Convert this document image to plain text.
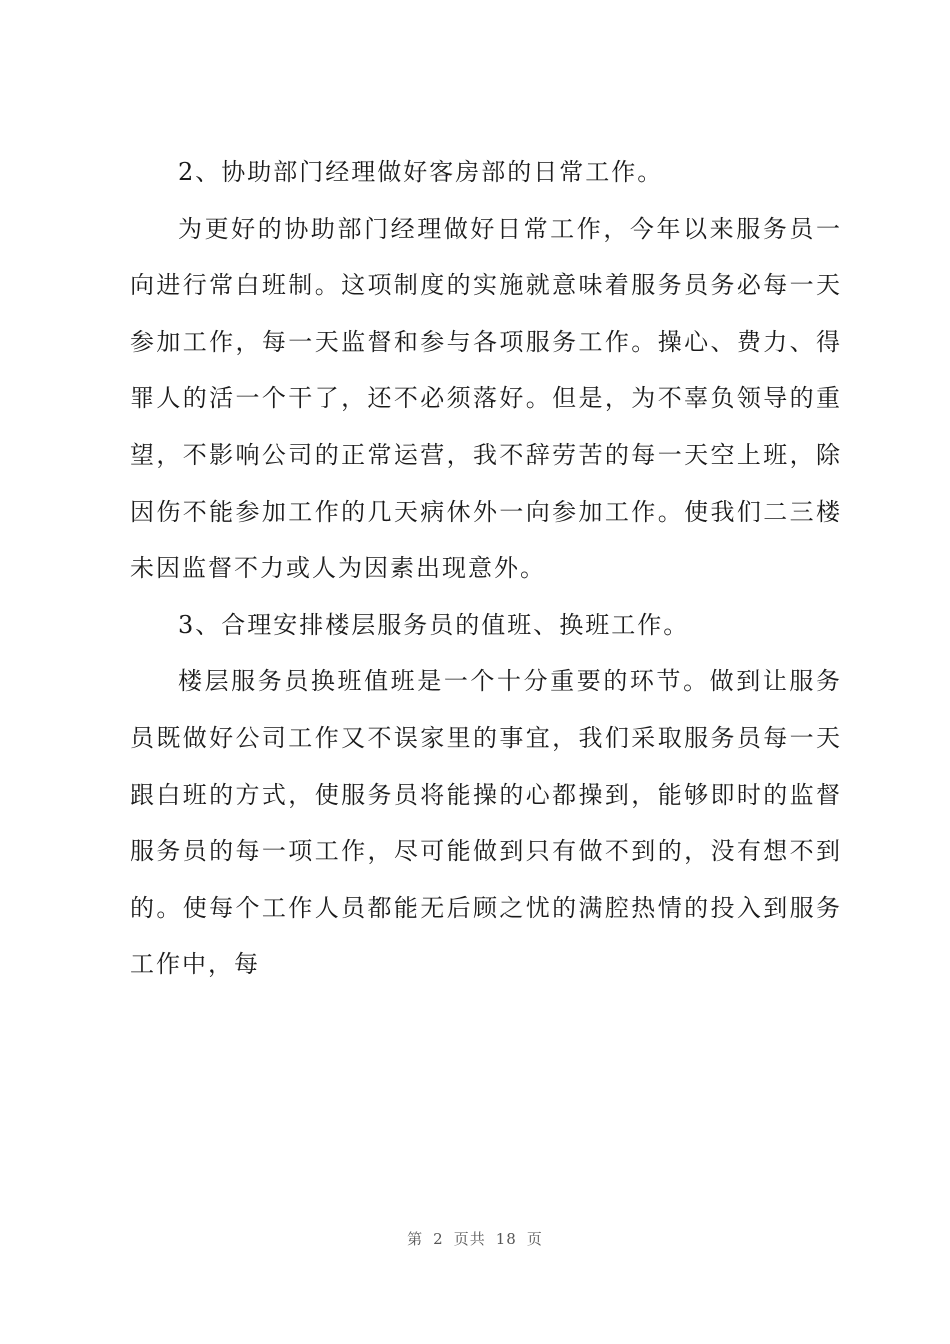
2、协助部门经理做好客房部的日常工作。

为更好的协助部门经理做好日常工作，今年以来服务员一向进行常白班制。这项制度的实施就意味着服务员务必每一天参加工作，每一天监督和参与各项服务工作。操心、费力、得罪人的活一个干了，还不必须落好。但是，为不辜负领导的重望，不影响公司的正常运营，我不辞劳苦的每一天空上班，除因伤不能参加工作的几天病休外一向参加工作。使我们二三楼未因监督不力或人为因素出现意外。

3、合理安排楼层服务员的值班、换班工作。

楼层服务员换班值班是一个十分重要的环节。做到让服务员既做好公司工作又不误家里的事宜，我们采取服务员每一天跟白班的方式，使服务员将能操的心都操到，能够即时的监督服务员的每一项工作，尽可能做到只有做不到的，没有想不到的。使每个工作人员都能无后顾之忧的满腔热情的投入到服务工作中，每

第 2 页共 18 页
